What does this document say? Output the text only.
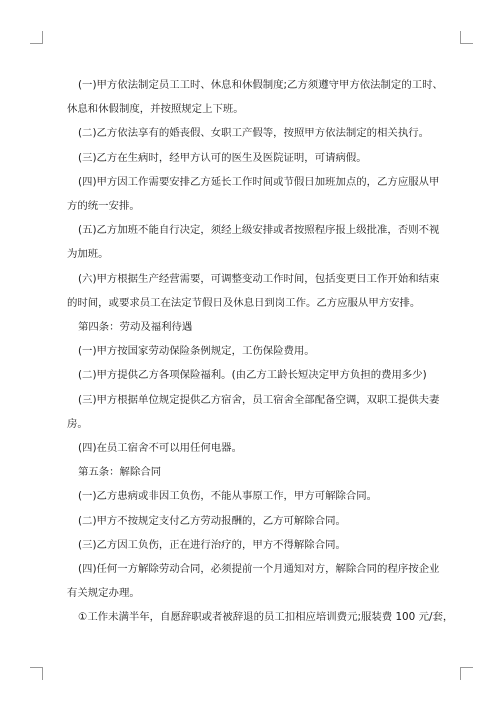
(一)甲方依法制定员工工时、休息和休假制度;乙方须遵守甲方依法制定的工时、

休息和休假制度，并按照规定上下班。

(二)乙方依法享有的婚丧假、女职工产假等，按照甲方依法制定的相关执行。

(三)乙方在生病时，经甲方认可的医生及医院证明，可请病假。

(四)甲方因工作需要安排乙方延长工作时间或节假日加班加点的，乙方应服从甲

方的统一安排。

(五)乙方加班不能自行决定，须经上级安排或者按照程序报上级批准，否则不视

为加班。

(六)甲方根据生产经营需要，可调整变动工作时间，包括变更日工作开始和结束

的时间，或要求员工在法定节假日及休息日到岗工作。乙方应服从甲方安排。

第四条：劳动及福利待遇

(一)甲方按国家劳动保险条例规定，工伤保险费用。

(二)甲方提供乙方各项保险福利。(由乙方工龄长短决定甲方负担的费用多少)

(三)甲方根据单位规定提供乙方宿舍，员工宿舍全部配备空调，双职工提供夫妻

房。

(四)在员工宿舍不可以用任何电器。

第五条：解除合同

(一)乙方患病或非因工负伤，不能从事原工作，甲方可解除合同。

(二)甲方不按规定支付乙方劳动报酬的，乙方可解除合同。

(三)乙方因工负伤，正在进行治疗的，甲方不得解除合同。

(四)任何一方解除劳动合同，必须提前一个月通知对方，解除合同的程序按企业

有关规定办理。

①工作未满半年，自愿辞职或者被辞退的员工扣相应培训费元;服装费 100 元/套，
